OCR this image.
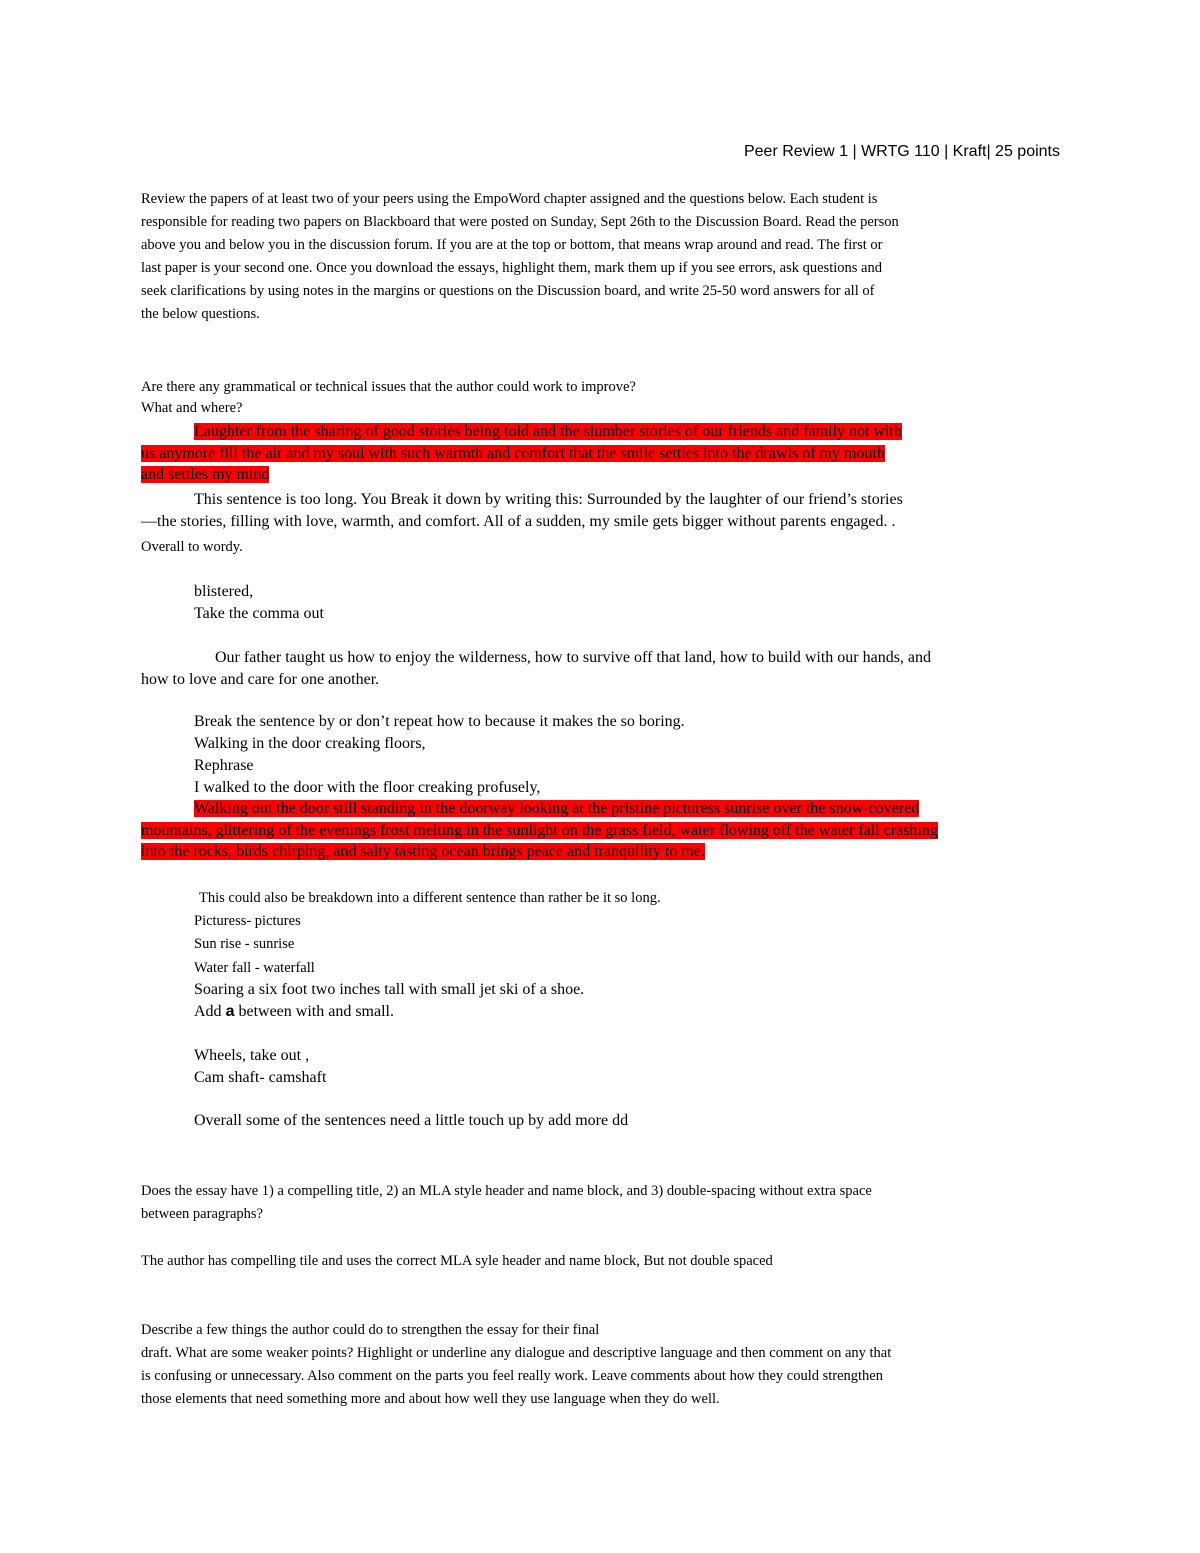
Peer Review 1 | WRTG 110 | Kraft| 25 points
Review the papers of at least two of your peers using the EmpoWord chapter assigned and the questions below. Each student is
responsible for reading two papers on Blackboard that were posted on Sunday, Sept 26th to the Discussion Board. Read the person
above you and below you in the discussion forum. If you are at the top or bottom, that means wrap around and read. The first or
last paper is your second one. Once you download the essays, highlight them, mark them up if you see errors, ask questions and
seek clarifications by using notes in the margins or questions on the Discussion board, and write 25-50 word answers for all of
the below questions.
Are there any grammatical or technical issues that the author could work to improve?
What and where?
Laughter from the sharing of good stories being told and the slumber stories of our friends and family not with
us anymore fill the air and my soul with such warmth and comfort that the smile settles into the drawls of my mouth
and settles my mind
This sentence is too long. You Break it down by writing this: Surrounded by the laughter of our friend’s stories
—the stories, filling with love, warmth, and comfort. All of a sudden, my smile gets bigger without parents engaged. .
Overall to wordy.
blistered,
Take the comma out
Our father taught us how to enjoy the wilderness, how to survive off that land, how to build with our hands, and
how to love and care for one another.
Break the sentence by or don’t repeat how to because it makes the so boring.
Walking in the door creaking floors,
Rephrase
I walked to the door with the floor creaking profusely,
Walking out the door still standing in the doorway looking at the pristine picturess sunrise over the snow-covered
mountains, glittering of the evenings frost melting in the sunlight on the grass field, water flowing off the water fall crashing
into the rocks, birds chirping, and salty tasting ocean brings peace and tranquility to me.
This could also be breakdown into a different sentence than rather be it so long.
Picturess- pictures
Sun rise - sunrise
Water fall - waterfall
Soaring a six foot two inches tall with small jet ski of a shoe.
Add a between with and small.
Wheels, take out ,
Cam shaft- camshaft
Overall some of the sentences need a little touch up by add more dd
Does the essay have 1) a compelling title, 2) an MLA style header and name block, and 3) double-spacing without extra space
between paragraphs?
The author has compelling tile and uses the correct MLA syle header and name block, But not double spaced
Describe a few things the author could do to strengthen the essay for their final
draft. What are some weaker points? Highlight or underline any dialogue and descriptive language and then comment on any that
is confusing or unnecessary. Also comment on the parts you feel really work. Leave comments about how they could strengthen
those elements that need something more and about how well they use language when they do well.
